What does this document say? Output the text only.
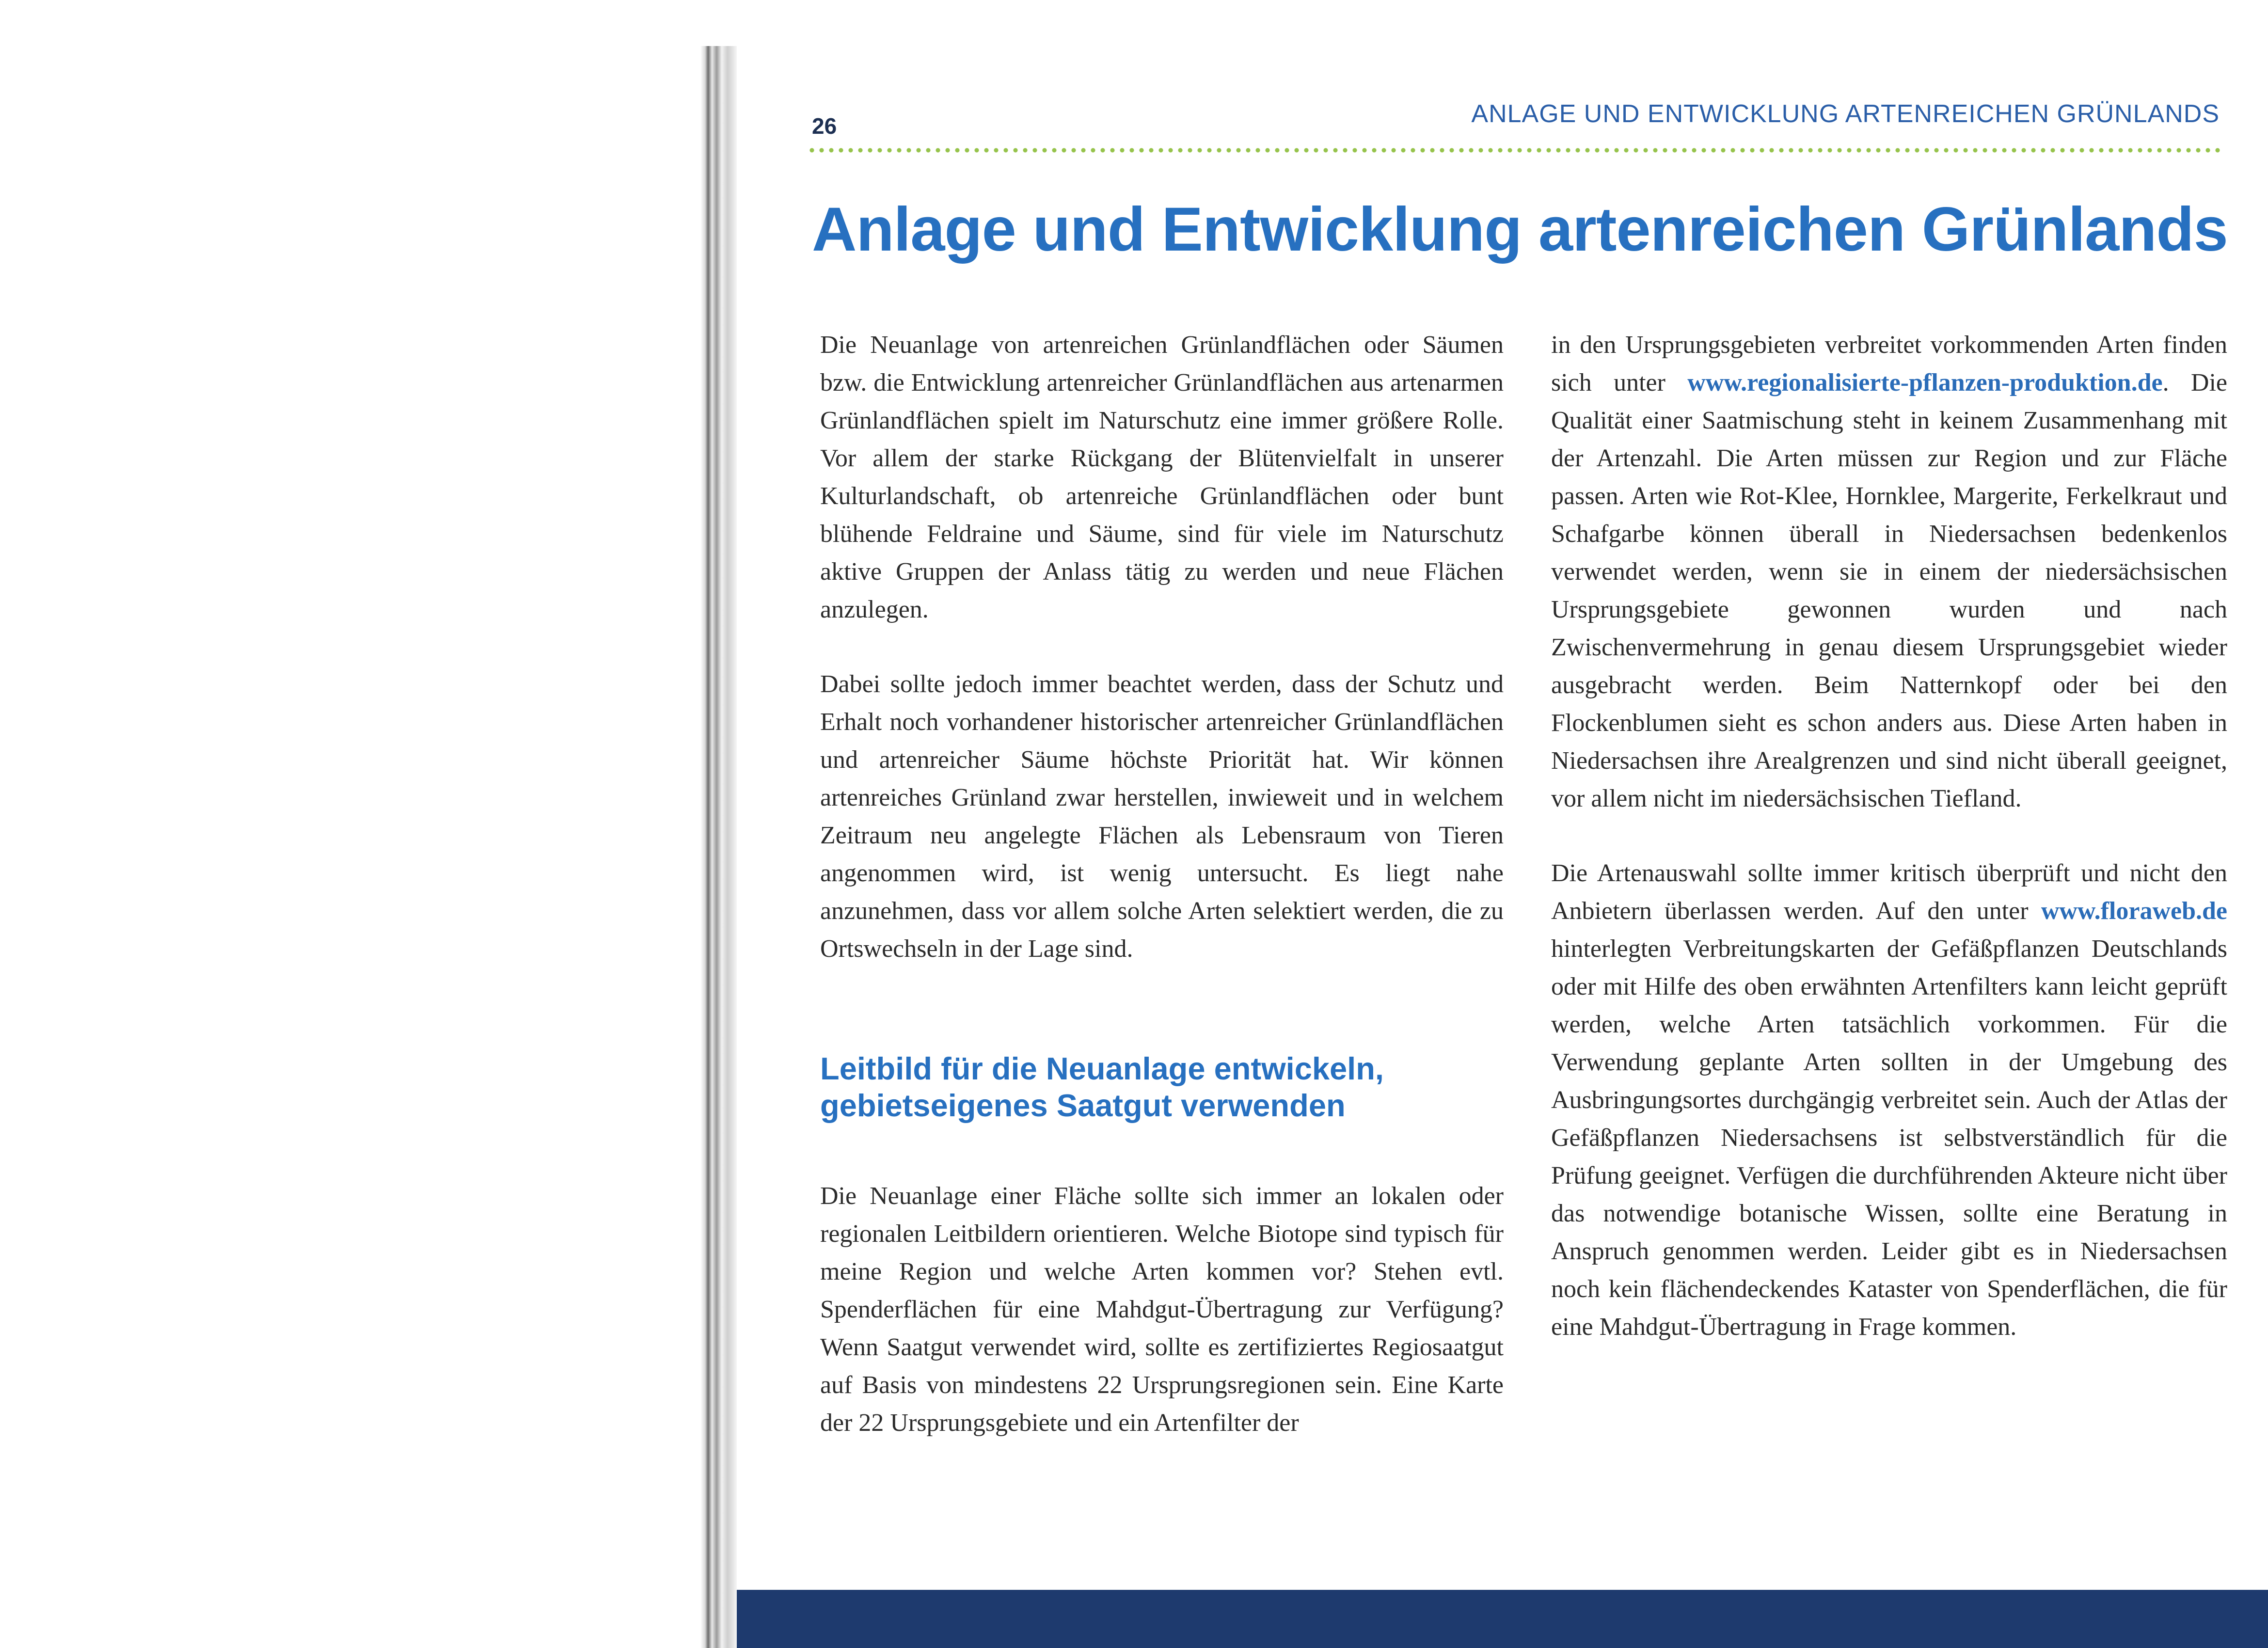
26	ANLAGE UND ENTWICKLUNG ARTENREICHEN GRÜNLANDS
Anlage und Entwicklung artenreichen Grünlands

Die Neuanlage von artenreichen Grünlandflächen oder Säumen bzw. die Entwicklung artenreicher Grünlandflächen aus artenarmen Grünlandflächen spielt im Naturschutz eine immer größere Rolle. Vor allem der starke Rückgang der Blütenvielfalt in unserer Kulturlandschaft, ob artenreiche Grünlandflächen oder bunt blühende Feldraine und Säume, sind für viele im Naturschutz aktive Gruppen der Anlass tätig zu werden und neue Flächen anzulegen.

Dabei sollte jedoch immer beachtet werden, dass der Schutz und Erhalt noch vorhandener historischer artenreicher Grünlandflächen und artenreicher Säume höchste Priorität hat. Wir können artenreiches Grünland zwar herstellen, inwieweit und in welchem Zeitraum neu angelegte Flächen als Lebensraum von Tieren angenommen wird, ist wenig untersucht. Es liegt nahe anzunehmen, dass vor allem solche Arten selektiert werden, die zu Ortswechseln in der Lage sind.

Leitbild für die Neuanlage entwickeln,
gebietseigenes Saatgut verwenden

Die Neuanlage einer Fläche sollte sich immer an lokalen oder regionalen Leitbildern orientieren. Welche Biotope sind typisch für meine Region und welche Arten kommen vor? Stehen evtl. Spenderflächen für eine Mahdgut-Übertragung zur Verfügung? Wenn Saatgut verwendet wird, sollte es zertifiziertes Regiosaatgut auf Basis von mindestens 22 Ursprungsregionen sein. Eine Karte der 22 Ursprungsgebiete und ein Artenfilter der

in den Ursprungsgebieten verbreitet vorkommenden Arten finden sich unter www.regionalisierte-pflanzen-produktion.de. Die Qualität einer Saatmischung steht in keinem Zusammenhang mit der Artenzahl. Die Arten müssen zur Region und zur Fläche passen. Arten wie Rot-Klee, Hornklee, Margerite, Ferkelkraut und Schafgarbe können überall in Niedersachsen bedenkenlos verwendet werden, wenn sie in einem der niedersächsischen Ursprungsgebiete gewonnen wurden und nach Zwischenvermehrung in genau diesem Ursprungsgebiet wieder ausgebracht werden. Beim Natternkopf oder bei den Flockenblumen sieht es schon anders aus. Diese Arten haben in Niedersachsen ihre Arealgrenzen und sind nicht überall geeignet, vor allem nicht im niedersächsischen Tiefland.

Die Artenauswahl sollte immer kritisch überprüft und nicht den Anbietern überlassen werden. Auf den unter www.floraweb.de hinterlegten Verbreitungskarten der Gefäßpflanzen Deutschlands oder mit Hilfe des oben erwähnten Artenfilters kann leicht geprüft werden, welche Arten tatsächlich vorkommen. Für die Verwendung geplante Arten sollten in der Umgebung des Ausbringungsortes durchgängig verbreitet sein. Auch der Atlas der Gefäßpflanzen Niedersachsens ist selbstverständlich für die Prüfung geeignet. Verfügen die durchführenden Akteure nicht über das notwendige botanische Wissen, sollte eine Beratung in Anspruch genommen werden. Leider gibt es in Niedersachsen noch kein flächendeckendes Kataster von Spenderflächen, die für eine Mahdgut-Übertragung in Frage kommen.
